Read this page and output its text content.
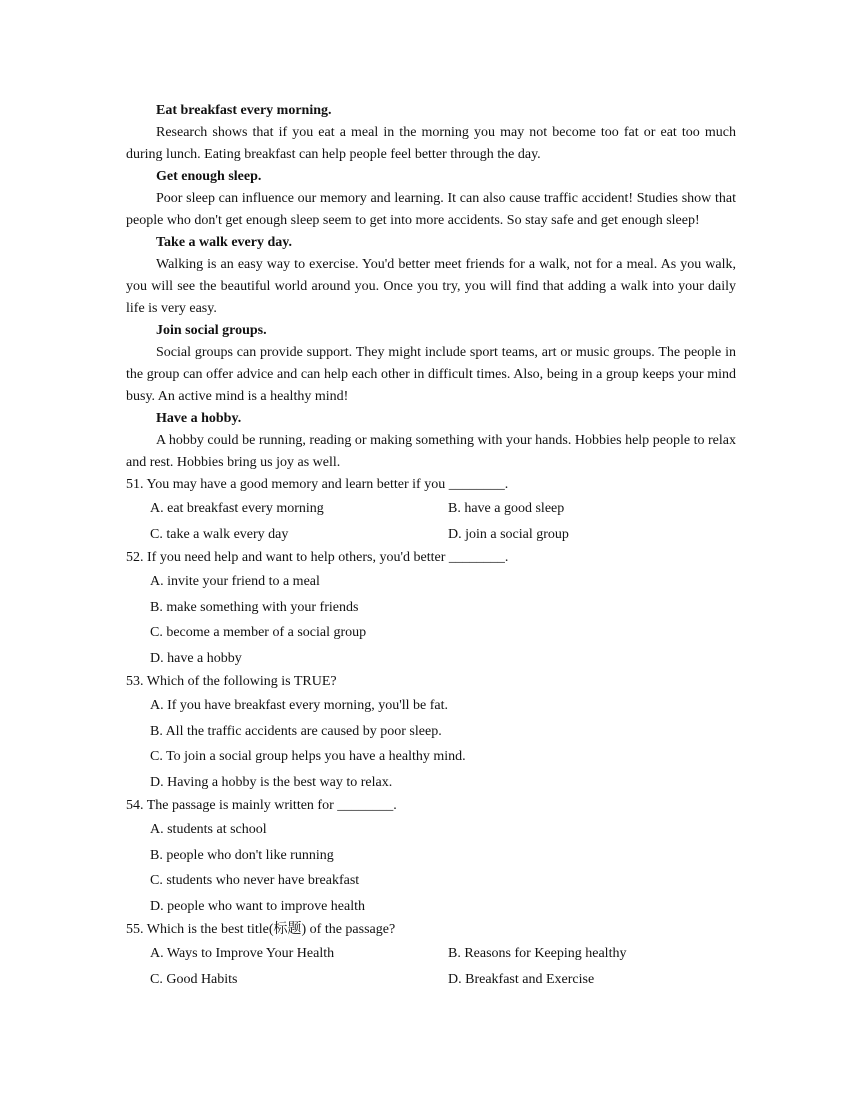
Eat breakfast every morning.

Research shows that if you eat a meal in the morning you may not become too fat or eat too much during lunch. Eating breakfast can help people feel better through the day.

Get enough sleep.

Poor sleep can influence our memory and learning. It can also cause traffic accident! Studies show that people who don't get enough sleep seem to get into more accidents. So stay safe and get enough sleep!

Take a walk every day.

Walking is an easy way to exercise. You'd better meet friends for a walk, not for a meal. As you walk, you will see the beautiful world around you. Once you try, you will find that adding a walk into your daily life is very easy.

Join social groups.

Social groups can provide support. They might include sport teams, art or music groups. The people in the group can offer advice and can help each other in difficult times. Also, being in a group keeps your mind busy. An active mind is a healthy mind!

Have a hobby.

A hobby could be running, reading or making something with your hands. Hobbies help people to relax and rest. Hobbies bring us joy as well.

51. You may have a good memory and learn better if you ________.
A. eat breakfast every morning	B. have a good sleep
C. take a walk every day	D. join a social group
52. If you need help and want to help others, you'd better ________.
A. invite your friend to a meal
B. make something with your friends
C. become a member of a social group
D. have a hobby
53. Which of the following is TRUE?
A. If you have breakfast every morning, you'll be fat.
B. All the traffic accidents are caused by poor sleep.
C. To join a social group helps you have a healthy mind.
D. Having a hobby is the best way to relax.
54. The passage is mainly written for ________.
A. students at school
B. people who don't like running
C. students who never have breakfast
D. people who want to improve health
55. Which is the best title(标题) of the passage?
A. Ways to Improve Your Health	B. Reasons for Keeping healthy
C. Good Habits	D. Breakfast and Exercise
